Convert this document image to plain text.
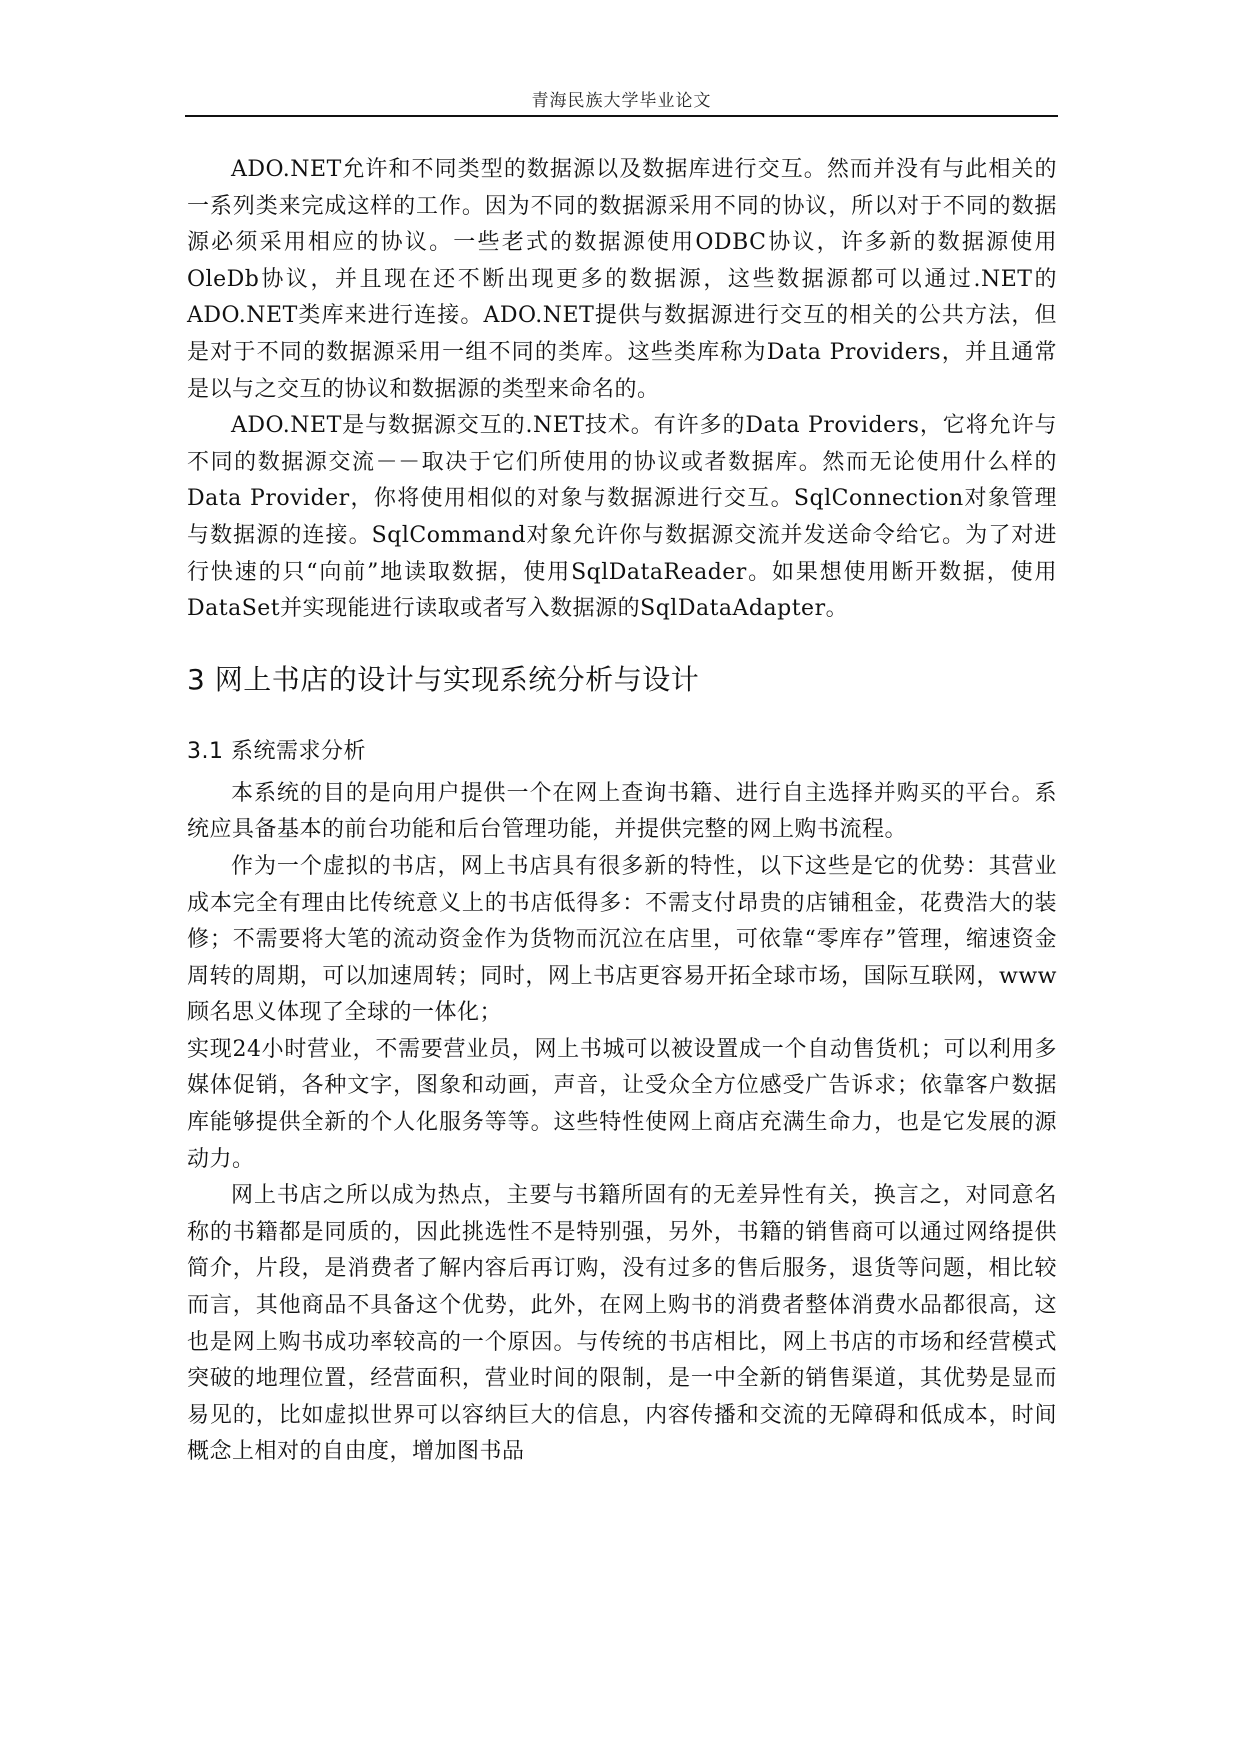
青海民族大学毕业论文

ADO.NET允许和不同类型的数据源以及数据库进行交互。然而并没有与此相关的一系列类来完成这样的工作。因为不同的数据源采用不同的协议，所以对于不同的数据源必须采用相应的协议。一些老式的数据源使用ODBC协议，许多新的数据源使用OleDb协议，并且现在还不断出现更多的数据源，这些数据源都可以通过.NET的ADO.NET类库来进行连接。ADO.NET提供与数据源进行交互的相关的公共方法，但是对于不同的数据源采用一组不同的类库。这些类库称为Data Providers，并且通常是以与之交互的协议和数据源的类型来命名的。

ADO.NET是与数据源交互的.NET技术。有许多的Data Providers，它将允许与不同的数据源交流－－取决于它们所使用的协议或者数据库。然而无论使用什么样的Data Provider，你将使用相似的对象与数据源进行交互。SqlConnection对象管理与数据源的连接。SqlCommand对象允许你与数据源交流并发送命令给它。为了对进行快速的只“向前”地读取数据，使用SqlDataReader。如果想使用断开数据，使用DataSet并实现能进行读取或者写入数据源的SqlDataAdapter。

3 网上书店的设计与实现系统分析与设计
3.1 系统需求分析

本系统的目的是向用户提供一个在网上查询书籍、进行自主选择并购买的平台。系统应具备基本的前台功能和后台管理功能，并提供完整的网上购书流程。

作为一个虚拟的书店，网上书店具有很多新的特性，以下这些是它的优势：其营业成本完全有理由比传统意义上的书店低得多：不需支付昂贵的店铺租金，花费浩大的装修；不需要将大笔的流动资金作为货物而沉泣在店里，可依靠“零库存”管理，缩速资金周转的周期，可以加速周转；同时，网上书店更容易开拓全球市场，国际互联网，www顾名思义体现了全球的一体化；

实现24小时营业，不需要营业员，网上书城可以被设置成一个自动售货机；可以利用多媒体促销，各种文字，图象和动画，声音，让受众全方位感受广告诉求；依靠客户数据库能够提供全新的个人化服务等等。这些特性使网上商店充满生命力，也是它发展的源动力。

网上书店之所以成为热点，主要与书籍所固有的无差异性有关，换言之，对同意名称的书籍都是同质的，因此挑选性不是特别强，另外，书籍的销售商可以通过网络提供简介，片段，是消费者了解内容后再订购，没有过多的售后服务，退货等问题，相比较而言，其他商品不具备这个优势，此外，在网上购书的消费者整体消费水品都很高，这也是网上购书成功率较高的一个原因。与传统的书店相比，网上书店的市场和经营模式突破的地理位置，经营面积，营业时间的限制，是一中全新的销售渠道，其优势是显而易见的，比如虚拟世界可以容纳巨大的信息，内容传播和交流的无障碍和低成本，时间概念上相对的自由度，增加图书品
